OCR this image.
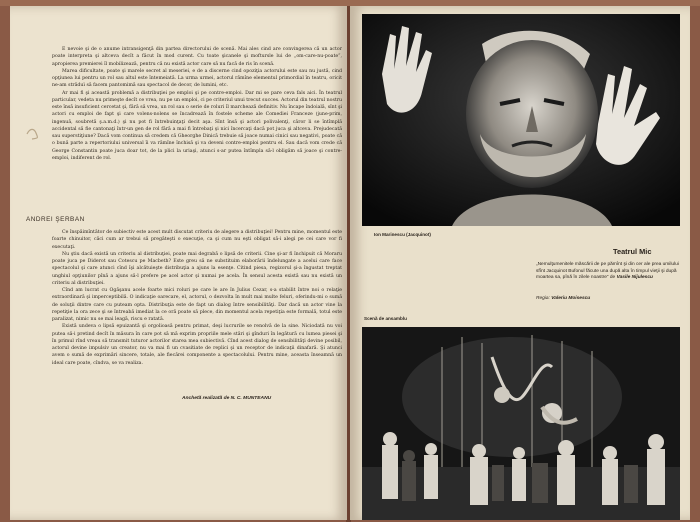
E nevoie şi de o anume intransigenţă din partea directorului de scenă. Mai ales cind are convingerea că un actor poate interpreta şi altceva decît a făcut în mod curent. Cu toate şicanele şi moftursle lui de „om-care-nu-poate”, apropierea premierei îl mobilizează, pentru că nu există actor care să nu facă de ris în scenă.

Marea dificultate, poate şi marele secret al meseriei, e de a discerne cind opoziţia actorului este sau nu justă, cind opţiunea lui pentru un rol sau altul este întemeiată. La urma urmei, actorul rămîne elementul primordial în teatru, oricit ne-am străduì să facem pantomimă sau spectacol de decor, de lumini, etc.

Ar mai fi şi această problemă a distribuţiei pe emploi şi pe contre-emploi. Dar mi se pare ceva fals aici. În teatrul particular, vedeta nu primeşte decît ce vrea, nu pe un emploi, ci pe criteriul unui trecut succes. Actorul din teatrul nostru este însă insuficient cercetat şi, fără să vrea, un rol sau o serie de roluri îl marchează definitiv. Nu încape îndoială, sînt şi actori cu emploi de fapt şi care volens-nolens se încadrează în fostele scheme ale Comediei Franceze (june-prim, ingenuă, soubretă ş.a.m.d.) şi nu pot fi întrebuinţaţi decit aşa. Sînt însă şi actori polivalenţi, căror li se întîmplă accidental să fie cantonaţi într-un gen de rol fără a mai fi întrebaţi şi nici încercaţi dacă pot juca şi altceva. Prejudecată sau superstiţiune? Dacă vom continua să credem că Gheorghe Dinică trebuie să joace numai cinici sau negativi, poate că o bună parte a repertoriului universal îi va rămîne închisă şi va deveni contre-emploi pentru el. Sau dacă vom crede că George Constantin poate juca doar tot, de la plici la uriaşi, atunci s-ar putea întîmpla să-l obligăm să joace şi contre-emploi, indiferent de rol.

ANDREI ŞERBAN

Ce înspăimîntător de subiectiv este acest mult discutat criteriu de alegere a distribuţiei! Pentru mine, momentul este foarte chinuitor, căci cum ar trebui să pregăteşti o execuţie, ca şi cum nu eşti obligat să-i alegi pe cei care vor fi executaţi.

Nu ştiu dacă există un criteriu al distribuţiei, poate mai degrabă o lipsă de criterii. Cine şi-ar fi închipuit că Moraru poate juca pe Diderot sau Cotescu pe Macbeth? Este greu să ne substituim elaborării îndelungate a acelui care face spectacolul şi care atunci cînd îşi alcătuieşte distribuţia a ajuns la esenţe. Citind piesa, regizorul şi-a îngustat treptat unghiul opţiunilor pînă a ajuns să-l prefere pe acel actor şi numai pe acela. În sensul acesta există sau nu există un criteriu al distribuţiei.

Cînd am lucrat cu Ogăşanu acele foarte mici roluri pe care le are în Julius Cezar, s-a stabilit între noi o relaţie extraordinară şi imperceptibilă. O indicaţie oarecare, el, actorul, o dezvolta în mult mai multe feluri, oferindu-mi o sumă de soluţii dintre care cu puteam opta. Distribuţia este de fapt un dialog între sensibilităţi. Dar dacă un actor vine la repetiţie la ora zece şi se întreabă imediat la ce oră poate să plece, din momentul acela repetiţia este formală, totul este paralizat, nimic nu se mai leagă, riscu e ratată.

Există undeva o lipsă epuizantă şi orgolioasă pentru primat, deşi lucrurile se renolvă de la sine. Niciodată nu voi putea să-i pretind decît în măsura în care pot să mă exprim propriile mele stări şi gînduri în legătură cu lumea piesei şi în primul rînd vreau să transmit tuturor actorilor starea mea subiectivă. Cînd acest dialog de sensibilităţi devine posibil, actorul devine impulsiv un creator, nu va mai fi un cvasitiate de replici şi un receptor de indicaţii dinafară. Şi atunci avem o sumă de exprimări sincere, totale, ale fiecărei componente a spectacolului. Pentru mine, aceasta înseamnă un ideal care poate, cîndva, se va realiza.

Anchetă realizată de N. C. MUNTEANU
Ion Marinescu (Jacquinot)
Teatrul Mic
„Nemulţumenitele măscării de pe pămînt şi din cer ale prea umilului sfînt Jacquinot Bufonul făcute una după alta în timpul vieţii şi după moartea sa, pînă în zilele noastre” de Vasile Nijulescu
Regia: Valeriu Moisescu
Scenă de ansamblu
